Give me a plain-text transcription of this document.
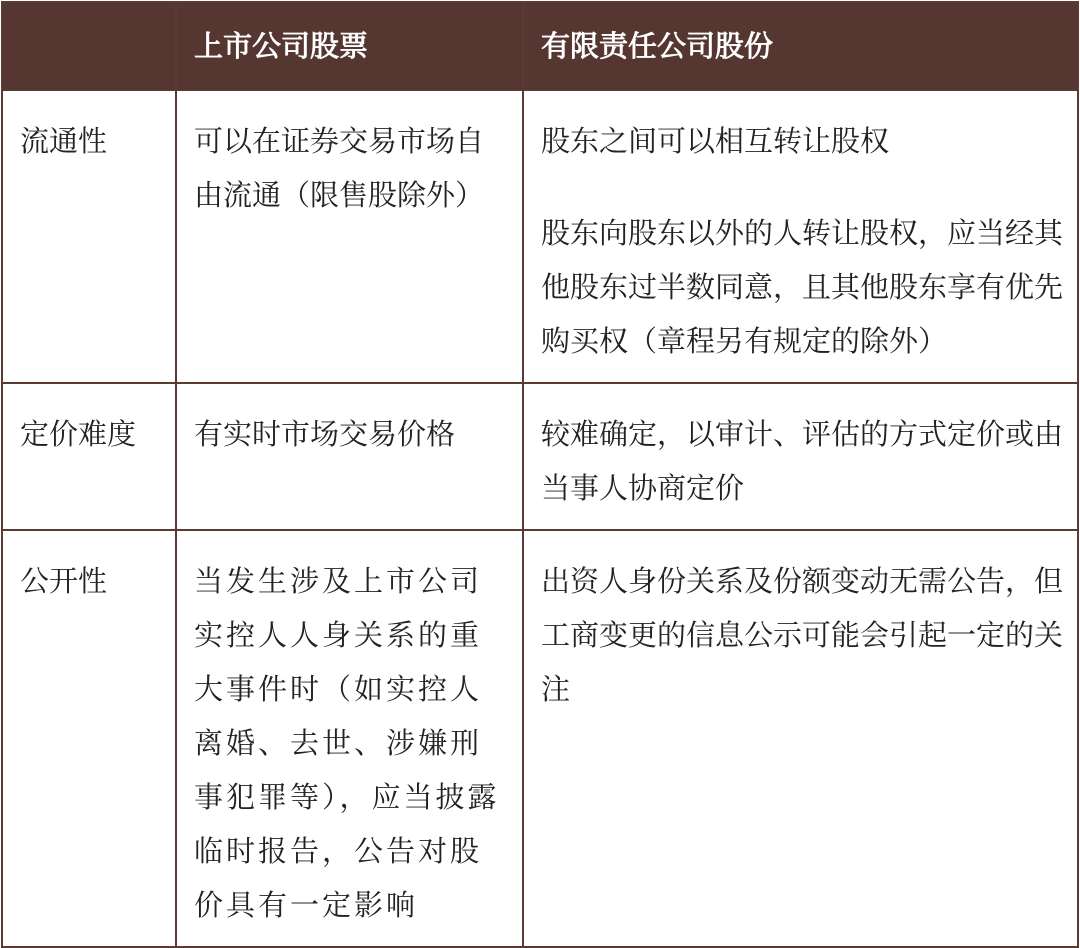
	上市公司股票	有限责任公司股份
流通性	可以在证券交易市场自由流通（限售股除外）	股东之间可以相互转让股权

股东向股东以外的人转让股权，应当经其他股东过半数同意，且其他股东享有优先购买权（章程另有规定的除外）

定价难度	有实时市场交易价格	较难确定，以审计、评估的方式定价或由当事人协商定价

公开性	当发生涉及上市公司实控人人身关系的重大事件时（如实控人离婚、去世、涉嫌刑事犯罪等），应当披露临时报告，公告对股价具有一定影响	出资人身份关系及份额变动无需公告，但工商变更的信息公示可能会引起一定的关注
